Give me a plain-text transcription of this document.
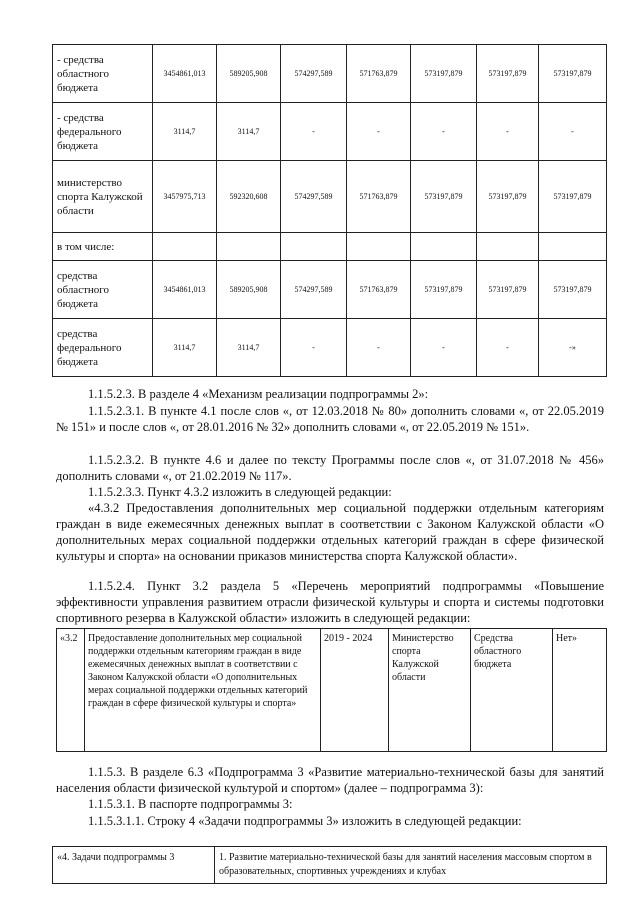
- средства областного бюджета	3454861,013	589205,908	574297,589	571763,879	573197,879	573197,879	573197,879
- средства федерального бюджета	3114,7	3114,7	-	-	-	-	-
министерство спорта Калужской области	3457975,713	592320,608	574297,589	571763,879	573197,879	573197,879	573197,879
в том числе:							
средства областного бюджета	3454861,013	589205,908	574297,589	571763,879	573197,879	573197,879	573197,879
средства федерального бюджета	3114,7	3114,7	-	-	-	-	-»

1.1.5.2.3. В разделе 4 «Механизм реализации подпрограммы 2»:

1.1.5.2.3.1. В пункте 4.1 после слов «, от 12.03.2018 № 80» дополнить словами «, от 22.05.2019 № 151» и после слов «, от 28.01.2016 № 32» дополнить словами «, от 22.05.2019 № 151».

1.1.5.2.3.2. В пункте 4.6 и далее по тексту Программы после слов «, от 31.07.2018 № 456» дополнить словами «, от 21.02.2019 № 117».

1.1.5.2.3.3. Пункт 4.3.2 изложить в следующей редакции:

«4.3.2 Предоставления дополнительных мер социальной поддержки отдельным категориям граждан в виде ежемесячных денежных выплат в соответствии с Законом Калужской области «О дополнительных мерах социальной поддержки отдельных категорий граждан в сфере физической культуры и спорта» на основании приказов министерства спорта Калужской области».

1.1.5.2.4. Пункт 3.2 раздела 5 «Перечень мероприятий подпрограммы «Повышение эффективности управления развитием отрасли физической культуры и спорта и системы подготовки спортивного резерва в Калужской области» изложить в следующей редакции:

«3.2	Предоставление дополнительных мер социальной поддержки отдельным категориям граждан в виде ежемесячных денежных выплат в соответствии с Законом Калужской области «О дополнительных мерах социальной поддержки отдельных категорий граждан в сфере физической культуры и спорта»	2019 - 2024	Министерство спорта Калужской области	Средства областного бюджета	Нет»

1.1.5.3. В разделе 6.3 «Подпрограмма 3 «Развитие материально-технической базы для занятий населения области физической культурой и спортом» (далее – подпрограмма 3):

1.1.5.3.1. В паспорте подпрограммы 3:

1.1.5.3.1.1. Строку 4 «Задачи подпрограммы 3» изложить в следующей редакции:

«4. Задачи подпрограммы 3	1. Развитие материально-технической базы для занятий населения массовым спортом в образовательных, спортивных учреждениях и клубах
